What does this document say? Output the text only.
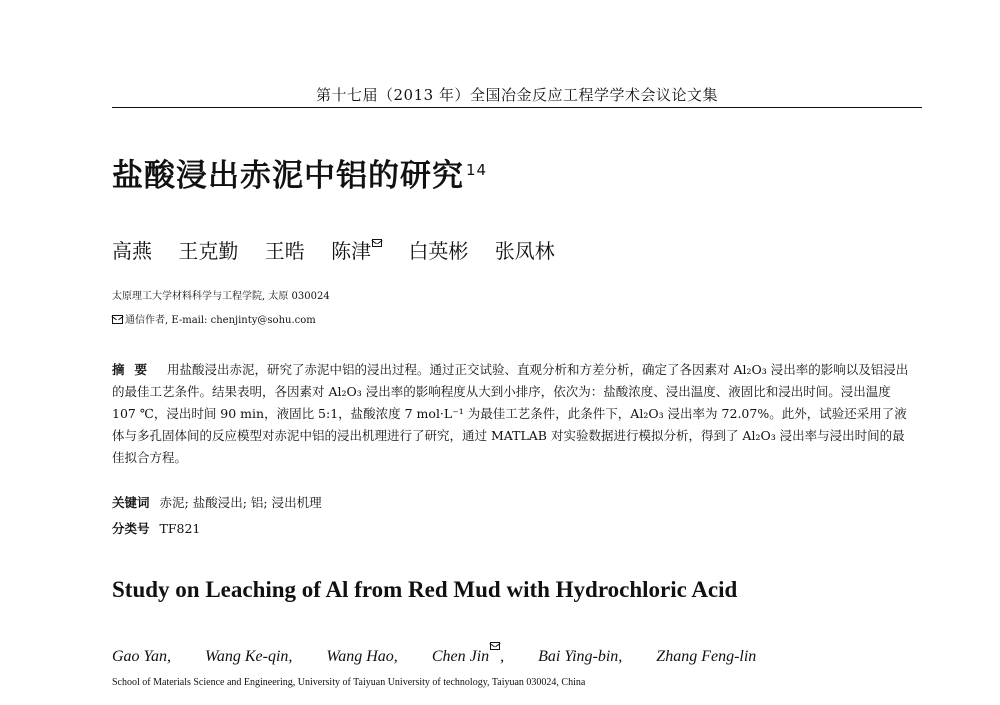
第十七届（2013 年）全国冶金反应工程学学术会议论文集
盐酸浸出赤泥中铝的研究 $^{14}$
高燕 王克勤 王晧 陈津 白英彬 张凤林
太原理工大学材料科学与工程学院, 太原 030024
通信作者, E-mail: chenjinty@sohu.com
摘要 用盐酸浸出赤泥，研究了赤泥中铝的浸出过程。通过正交试验、直观分析和方差分析，确定了各因素对 Al₂O₃ 浸出率的影响以及铝浸出的最佳工艺条件。结果表明，各因素对 Al₂O₃ 浸出率的影响程度从大到小排序，依次为：盐酸浓度、浸出温度、液固比和浸出时间。浸出温度 107 ℃，浸出时间 90 min，液固比 5:1，盐酸浓度 7 mol·L⁻¹ 为最佳工艺条件，此条件下，Al₂O₃ 浸出率为 72.07%。此外，试验还采用了液体与多孔固体间的反应模型对赤泥中铝的浸出机理进行了研究，通过 MATLAB 对实验数据进行模拟分析，得到了 Al₂O₃ 浸出率与浸出时间的最佳拟合方程。
关键词 赤泥; 盐酸浸出; 铝; 浸出机理
分类号 TF821
Study on Leaching of Al from Red Mud with Hydrochloric Acid
Gao Yan, Wang Ke-qin, Wang Hao, Chen Jin , Bai Ying-bin, Zhang Feng-lin
School of Materials Science and Engineering, University of Taiyuan University of technology, Taiyuan 030024, China
